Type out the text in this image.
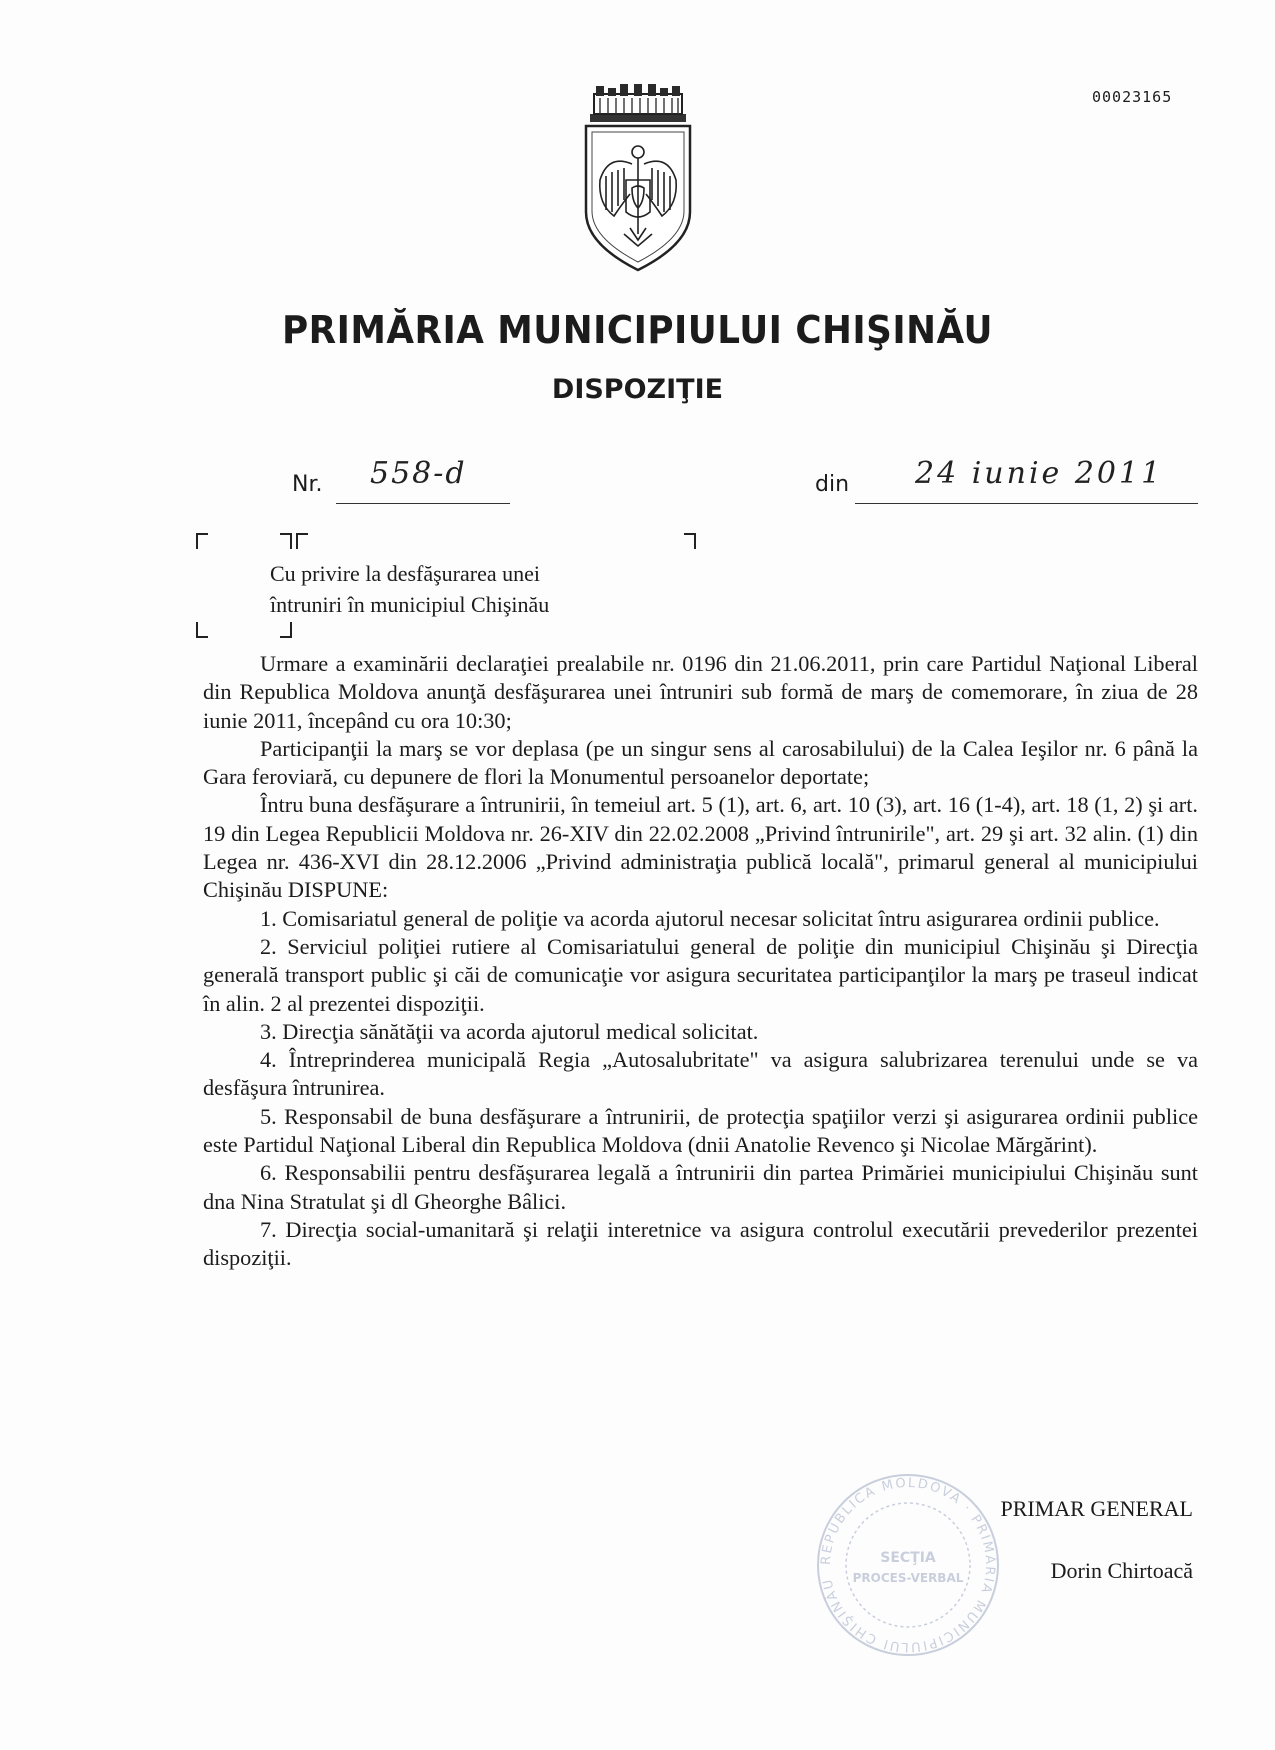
00023165
PRIMĂRIA MUNICIPIULUI CHIŞINĂU
DISPOZIŢIE
Nr. 558-d	din 24 iunie 2011
Cu privire la desfăşurarea unei
întruniri în municipiul Chişinău

Urmare a examinării declaraţiei prealabile nr. 0196 din 21.06.2011, prin care Partidul Naţional Liberal din Republica Moldova anunţă desfăşurarea unei întruniri sub formă de marş de comemorare, în ziua de 28 iunie 2011, începând cu ora 10:30;

Participanţii la marş se vor deplasa (pe un singur sens al carosabilului) de la Calea Ieşilor nr. 6 până la Gara feroviară, cu depunere de flori la Monumentul persoanelor deportate;

Întru buna desfăşurare a întrunirii, în temeiul art. 5 (1), art. 6, art. 10 (3), art. 16 (1-4), art. 18 (1, 2) şi art. 19 din Legea Republicii Moldova nr. 26-XIV din 22.02.2008 „Privind întrunirile", art. 29 şi art. 32 alin. (1) din Legea nr. 436-XVI din 28.12.2006 „Privind administraţia publică locală", primarul general al municipiului Chişinău DISPUNE:

1. Comisariatul general de poliţie va acorda ajutorul necesar solicitat întru asigurarea ordinii publice.

2. Serviciul poliţiei rutiere al Comisariatului general de poliţie din municipiul Chişinău şi Direcţia generală transport public şi căi de comunicaţie vor asigura securitatea participanţilor la marş pe traseul indicat în alin. 2 al prezentei dispoziţii.

3. Direcţia sănătăţii va acorda ajutorul medical solicitat.

4. Întreprinderea municipală Regia „Autosalubritate" va asigura salubrizarea terenului unde se va desfăşura întrunirea.

5. Responsabil de buna desfăşurare a întrunirii, de protecţia spaţiilor verzi şi asigurarea ordinii publice este Partidul Naţional Liberal din Republica Moldova (dnii Anatolie Revenco şi Nicolae Mărgărint).

6. Responsabilii pentru desfăşurarea legală a întrunirii din partea Primăriei municipiului Chişinău sunt dna Nina Stratulat şi dl Gheorghe Bâlici.

7. Direcţia social-umanitară şi relaţii interetnice va asigura controlul executării prevederilor prezentei dispoziţii.

REPUBLICA MOLDOVA · PRIMĂRIA MUNICIPIULUI CHIŞINĂU
SECŢIA
PROCES-VERBAL
PRIMAR GENERAL
Dorin Chirtoacă
